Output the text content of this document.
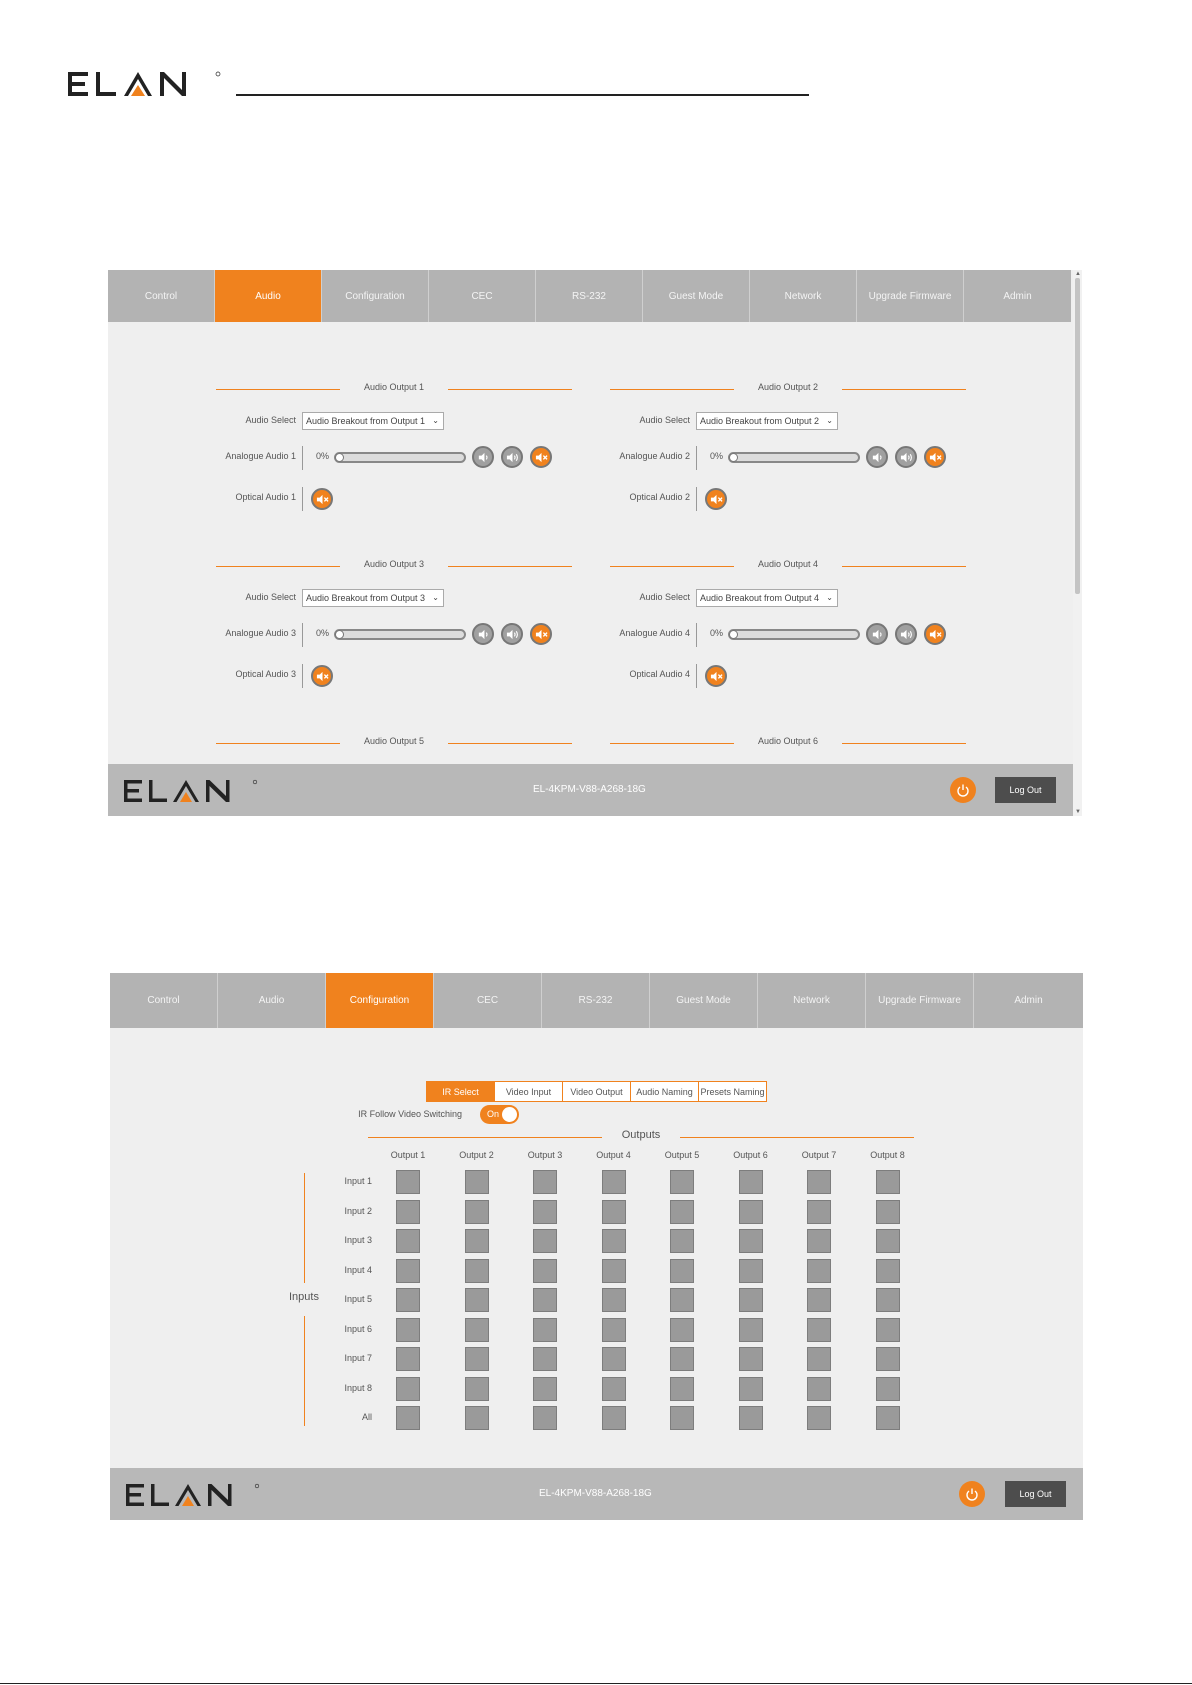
Control	Audio	Configuration	CEC	RS-232	Guest Mode	Network	Upgrade Firmware	Admin
Audio Output 1
Audio Select	Audio Breakout from Output 1 ⌄
Analogue Audio 1 0%
Optical Audio 1
Audio Output 2
Audio Select	Audio Breakout from Output 2 ⌄
Analogue Audio 2 0%
Optical Audio 2
Audio Output 3
Audio Select	Audio Breakout from Output 3 ⌄
Analogue Audio 3 0%
Optical Audio 3
Audio Output 4
Audio Select	Audio Breakout from Output 4 ⌄
Analogue Audio 4 0%
Optical Audio 4
Audio Output 5	Audio Output 6
EL-4KPM-V88-A268-18G	Log Out
▲
▼
Control	Audio	Configuration	CEC	RS-232	Guest Mode	Network	Upgrade Firmware	Admin
IR Select	Video Input	Video Output	Audio Naming Presets Naming
IR Follow Video Switching	On
Outputs
Output 1	Output 2	Output 3	Output 4	Output 5	Output 6	Output 7	Output 8
Input 1
Input 2
Input 3
Input 4
Input 5
Input 6
Input 7
Input 8
All
Inputs
EL-4KPM-V88-A268-18G	Log Out
